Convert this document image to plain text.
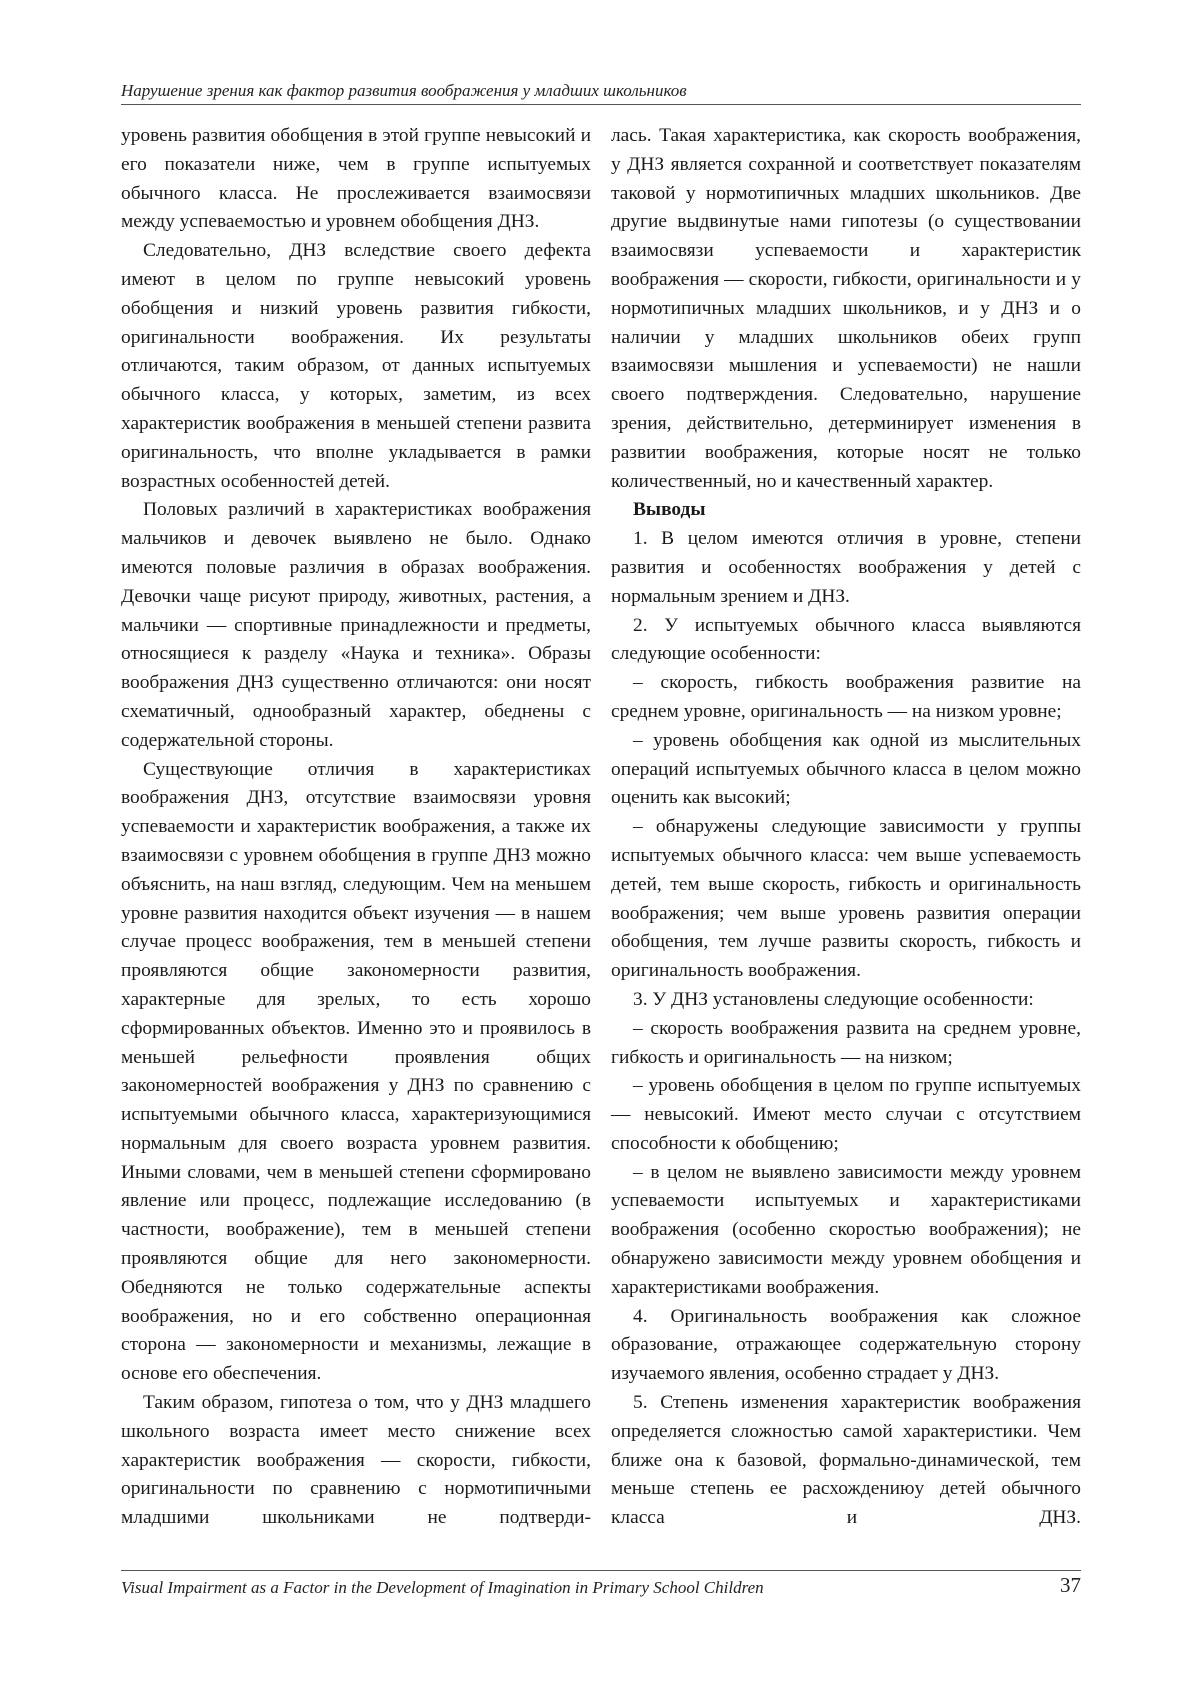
Нарушение зрения как фактор развития воображения у младших школьников

уровень развития обобщения в этой группе невысокий и его показатели ниже, чем в группе испытуемых обычного класса. Не прослеживается взаимосвязи между успеваемостью и уровнем обобщения ДНЗ.

Следовательно, ДНЗ вследствие своего дефекта имеют в целом по группе невысокий уровень обобщения и низкий уровень развития гибкости, оригинальности воображения. Их результаты отличаются, таким образом, от данных испытуемых обычного класса, у которых, заметим, из всех характеристик воображения в меньшей степени развита оригинальность, что вполне укладывается в рамки возрастных особенностей детей.

Половых различий в характеристиках воображения мальчиков и девочек выявлено не было. Однако имеются половые различия в образах воображения. Девочки чаще рисуют природу, животных, растения, а мальчики — спортивные принадлежности и предметы, относящиеся к разделу «Наука и техника». Образы воображения ДНЗ существенно отличаются: они носят схематичный, однообразный характер, обеднены с содержательной стороны.

Существующие отличия в характеристиках воображения ДНЗ, отсутствие взаимосвязи уровня успеваемости и характеристик воображения, а также их взаимосвязи с уровнем обобщения в группе ДНЗ можно объяснить, на наш взгляд, следующим. Чем на меньшем уровне развития находится объект изучения — в нашем случае процесс воображения, тем в меньшей степени проявляются общие закономерности развития, характерные для зрелых, то есть хорошо сформированных объектов. Именно это и проявилось в меньшей рельефности проявления общих закономерностей воображения у ДНЗ по сравнению с испытуемыми обычного класса, характеризующимися нормальным для своего возраста уровнем развития. Иными словами, чем в меньшей степени сформировано явление или процесс, подлежащие исследованию (в частности, воображение), тем в меньшей степени проявляются общие для него закономерности. Обедняются не только содержательные аспекты воображения, но и его собственно операционная сторона — закономерности и механизмы, лежащие в основе его обеспечения.

Таким образом, гипотеза о том, что у ДНЗ младшего школьного возраста имеет место снижение всех характеристик воображения — скорости, гибкости, оригинальности по сравнению с нормотипичными младшими школьниками не подтверди-

лась. Такая характеристика, как скорость воображения, у ДНЗ является сохранной и соответствует показателям таковой у нормотипичных младших школьников. Две другие выдвинутые нами гипотезы (о существовании взаимосвязи успеваемости и характеристик воображения — скорости, гибкости, оригинальности и у нормотипичных младших школьников, и у ДНЗ и о наличии у младших школьников обеих групп взаимосвязи мышления и успеваемости) не нашли своего подтверждения. Следовательно, нарушение зрения, действительно, детерминирует изменения в развитии воображения, которые носят не только количественный, но и качественный характер.

Выводы

1. В целом имеются отличия в уровне, степени развития и особенностях воображения у детей с нормальным зрением и ДНЗ.

2. У испытуемых обычного класса выявляются следующие особенности:

– скорость, гибкость воображения развитие на среднем уровне, оригинальность — на низком уровне;

– уровень обобщения как одной из мыслительных операций испытуемых обычного класса в целом можно оценить как высокий;

– обнаружены следующие зависимости у группы испытуемых обычного класса: чем выше успеваемость детей, тем выше скорость, гибкость и оригинальность воображения; чем выше уровень развития операции обобщения, тем лучше развиты скорость, гибкость и оригинальность воображения.

3. У ДНЗ установлены следующие особенности:

– скорость воображения развита на среднем уровне, гибкость и оригинальность — на низком;

– уровень обобщения в целом по группе испытуемых — невысокий. Имеют место случаи с отсутствием способности к обобщению;

– в целом не выявлено зависимости между уровнем успеваемости испытуемых и характеристиками воображения (особенно скоростью воображения); не обнаружено зависимости между уровнем обобщения и характеристиками воображения.

4. Оригинальность воображения как сложное образование, отражающее содержательную сторону изучаемого явления, особенно страдает у ДНЗ.

5. Степень изменения характеристик воображения определяется сложностью самой характеристики. Чем ближе она к базовой, формально-динамической, тем меньше степень ее расхождениюу детей обычного класса и ДНЗ.

Visual Impairment as a Factor in the Development of Imagination in Primary School Children	37
